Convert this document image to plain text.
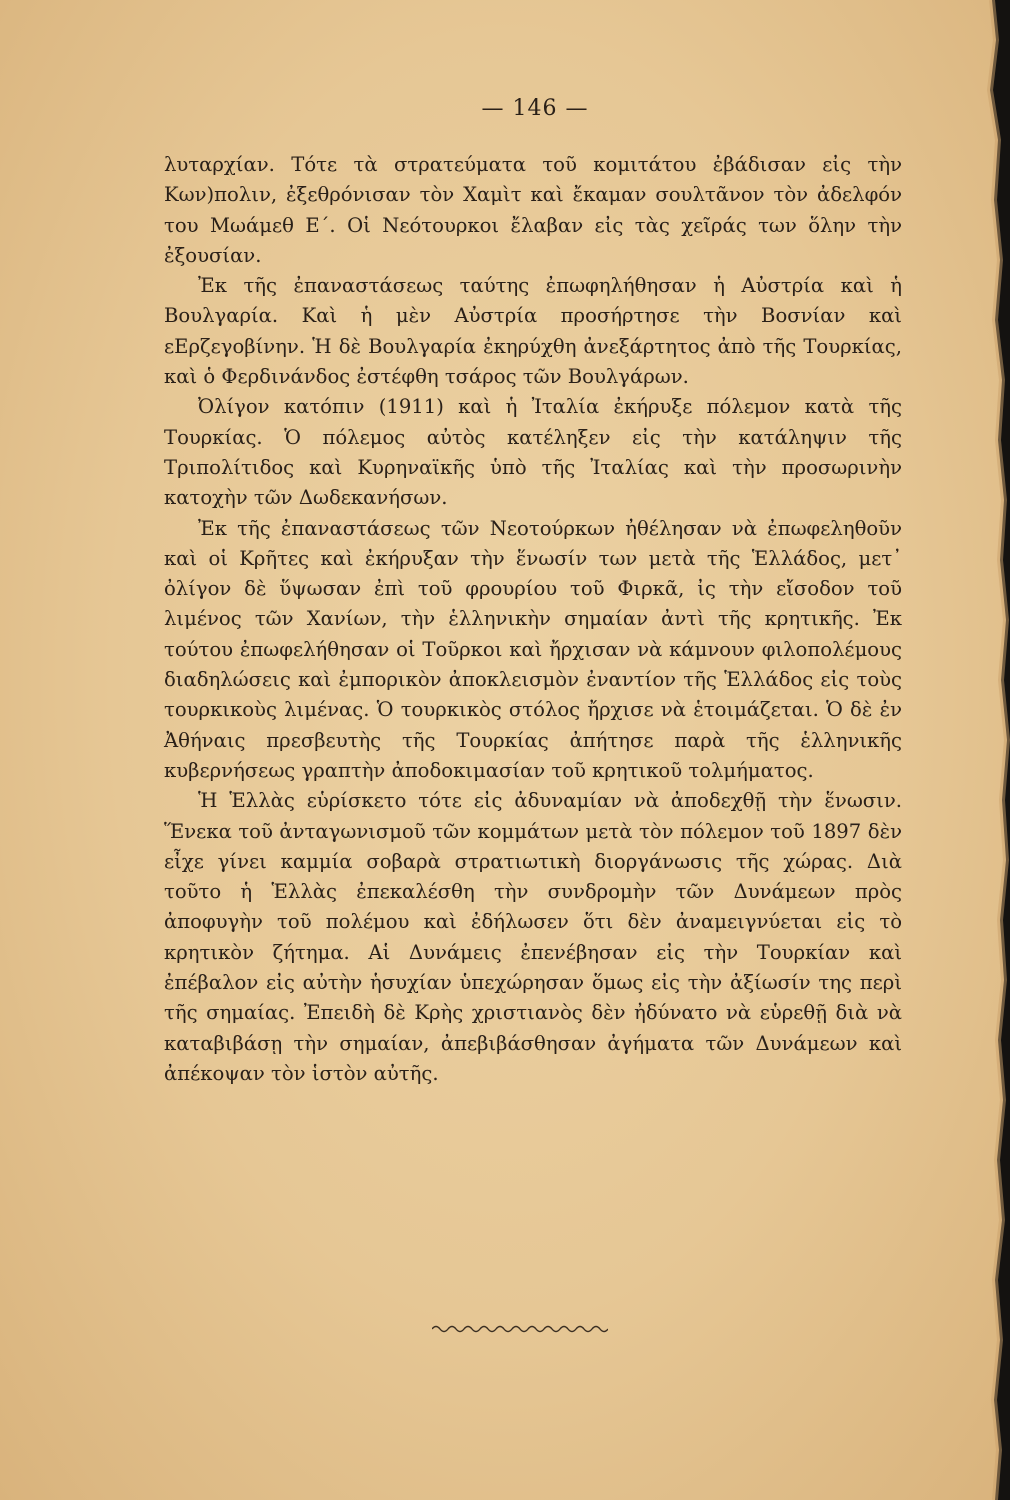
— 146 —

λυταρχίαν. Τότε τὰ στρατεύματα τοῦ κομιτάτου ἐβάδισαν εἰς τὴν Κων)πολιν, ἐξεθρόνισαν τὸν Χαμὶτ καὶ ἔκαμαν σουλτᾶνον τὸν ἀδελφόν του Μωάμεθ Ε΄. Οἱ Νεότουρκοι ἔλαβαν εἰς τὰς χεῖράς των ὅλην τὴν ἐξουσίαν.

Ἐκ τῆς ἐπαναστάσεως ταύτης ἐπωφηλήθησαν ἡ Αὐστρία καὶ ἡ Βουλγαρία. Καὶ ἡ μὲν Αὐστρία προσήρτησε τὴν Βοσνίαν καὶ εΕρζεγοβίνην. Ἡ δὲ Βουλγαρία ἐκηρύχθη ἀνεξάρτητος ἀπὸ τῆς Τουρκίας, καὶ ὁ Φερδινάνδος ἐστέφθη τσάρος τῶν Βουλγάρων.

Ὀλίγον κατόπιν (1911) καὶ ἡ Ἰταλία ἐκήρυξε πόλεμον κατὰ τῆς Τουρκίας. Ὁ πόλεμος αὐτὸς κατέληξεν εἰς τὴν κατάληψιν τῆς Τριπολίτιδος καὶ Κυρηναϊκῆς ὑπὸ τῆς Ἰταλίας καὶ τὴν προσωρινὴν κατοχὴν τῶν Δωδεκανήσων.

Ἐκ τῆς ἐπαναστάσεως τῶν Νεοτούρκων ἠθέλησαν νὰ ἐπωφεληθοῦν καὶ οἱ Κρῆτες καὶ ἐκήρυξαν τὴν ἕνωσίν των μετὰ τῆς Ἑλλάδος, μετ᾽ ὀλίγον δὲ ὕψωσαν ἐπὶ τοῦ φρουρίου τοῦ Φιρκᾶ, ἰς τὴν εἴσοδον τοῦ λιμένος τῶν Χανίων, τὴν ἑλληνικὴν σημαίαν ἀντὶ τῆς κρητικῆς. Ἐκ τούτου ἐπωφελήθησαν οἱ Τοῦρκοι καὶ ἤρχισαν νὰ κάμνουν φιλοπολέμους διαδηλώσεις καὶ ἐμπορικὸν ἀποκλεισμὸν ἐναντίον τῆς Ἑλλάδος εἰς τοὺς τουρκικοὺς λιμένας. Ὁ τουρκικὸς στόλος ἤρχισε νὰ ἑτοιμάζεται. Ὁ δὲ ἐν Ἀθήναις πρεσβευτὴς τῆς Τουρκίας ἀπήτησε παρὰ τῆς ἑλληνικῆς κυβερνήσεως γραπτὴν ἀποδοκιμασίαν τοῦ κρητικοῦ τολμήματος.

Ἡ Ἑλλὰς εὑρίσκετο τότε εἰς ἀδυναμίαν νὰ ἀποδεχθῇ τὴν ἕνωσιν. Ἕνεκα τοῦ ἀνταγωνισμοῦ τῶν κομμάτων μετὰ τὸν πόλεμον τοῦ 1897 δὲν εἶχε γίνει καμμία σοβαρὰ στρατιωτικὴ διοργάνωσις τῆς χώρας. Διὰ τοῦτο ἡ Ἑλλὰς ἐπεκαλέσθη τὴν συνδρομὴν τῶν Δυνάμεων πρὸς ἀποφυγὴν τοῦ πολέμου καὶ ἐδήλωσεν ὅτι δὲν ἀναμειγνύεται εἰς τὸ κρητικὸν ζήτημα. Αἱ Δυνάμεις ἐπενέβησαν εἰς τὴν Τουρκίαν καὶ ἐπέβαλον εἰς αὐτὴν ἡσυχίαν ὑπεχώρησαν ὅμως εἰς τὴν ἀξίωσίν της περὶ τῆς σημαίας. Ἐπειδὴ δὲ Κρὴς χριστιανὸς δὲν ἠδύνατο νὰ εὑρεθῇ διὰ νὰ καταβιβάσῃ τὴν σημαίαν, ἀπεβιβάσθησαν ἀγήματα τῶν Δυνάμεων καὶ ἀπέκοψαν τὸν ἱστὸν αὐτῆς.
